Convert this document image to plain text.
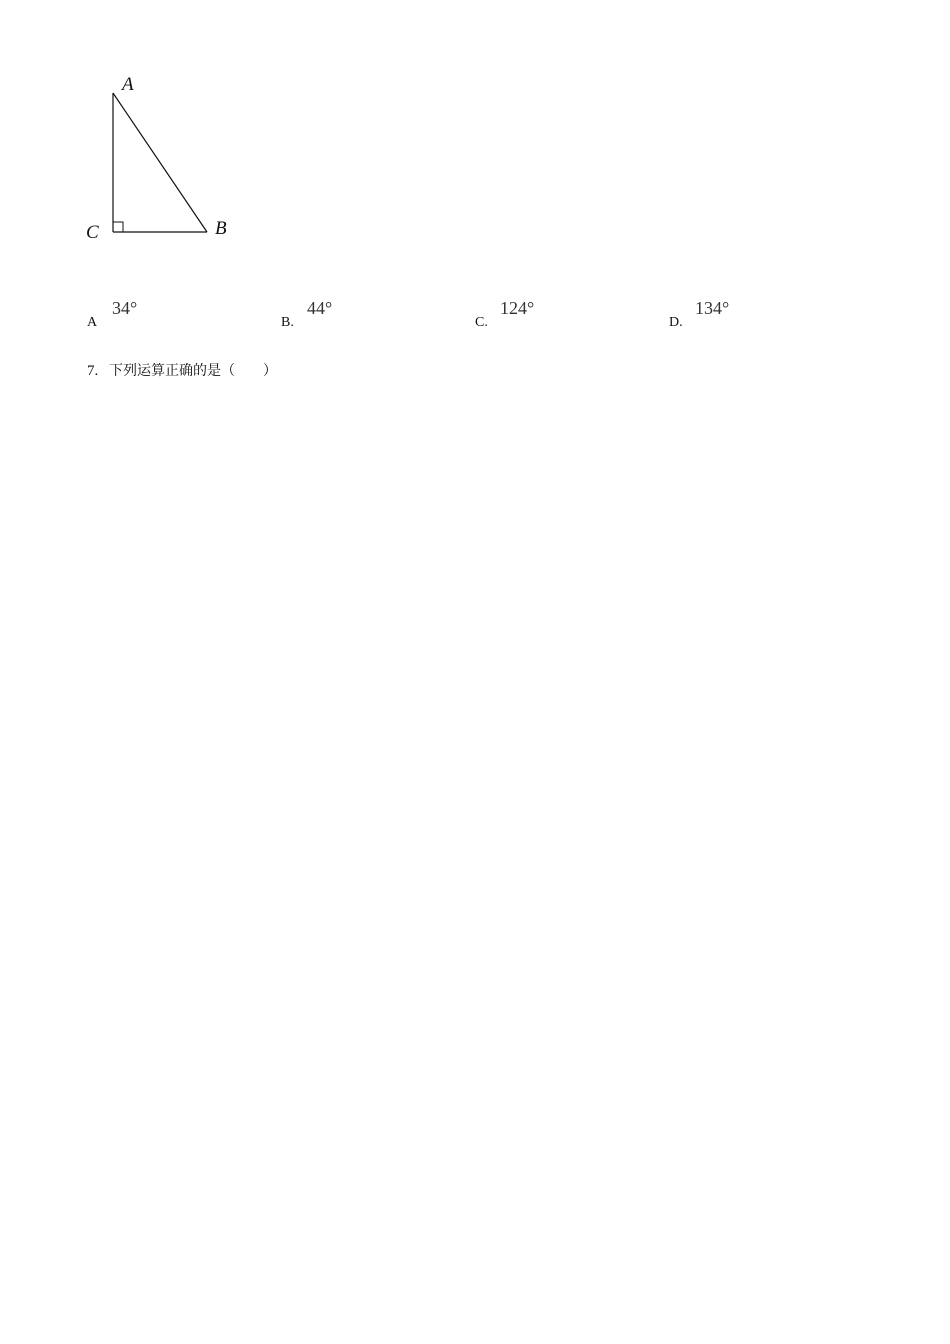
A
C	B
A
34°
B.
44°
C.
124°
D.
134°
7. 下列运算正确的是（　　）
